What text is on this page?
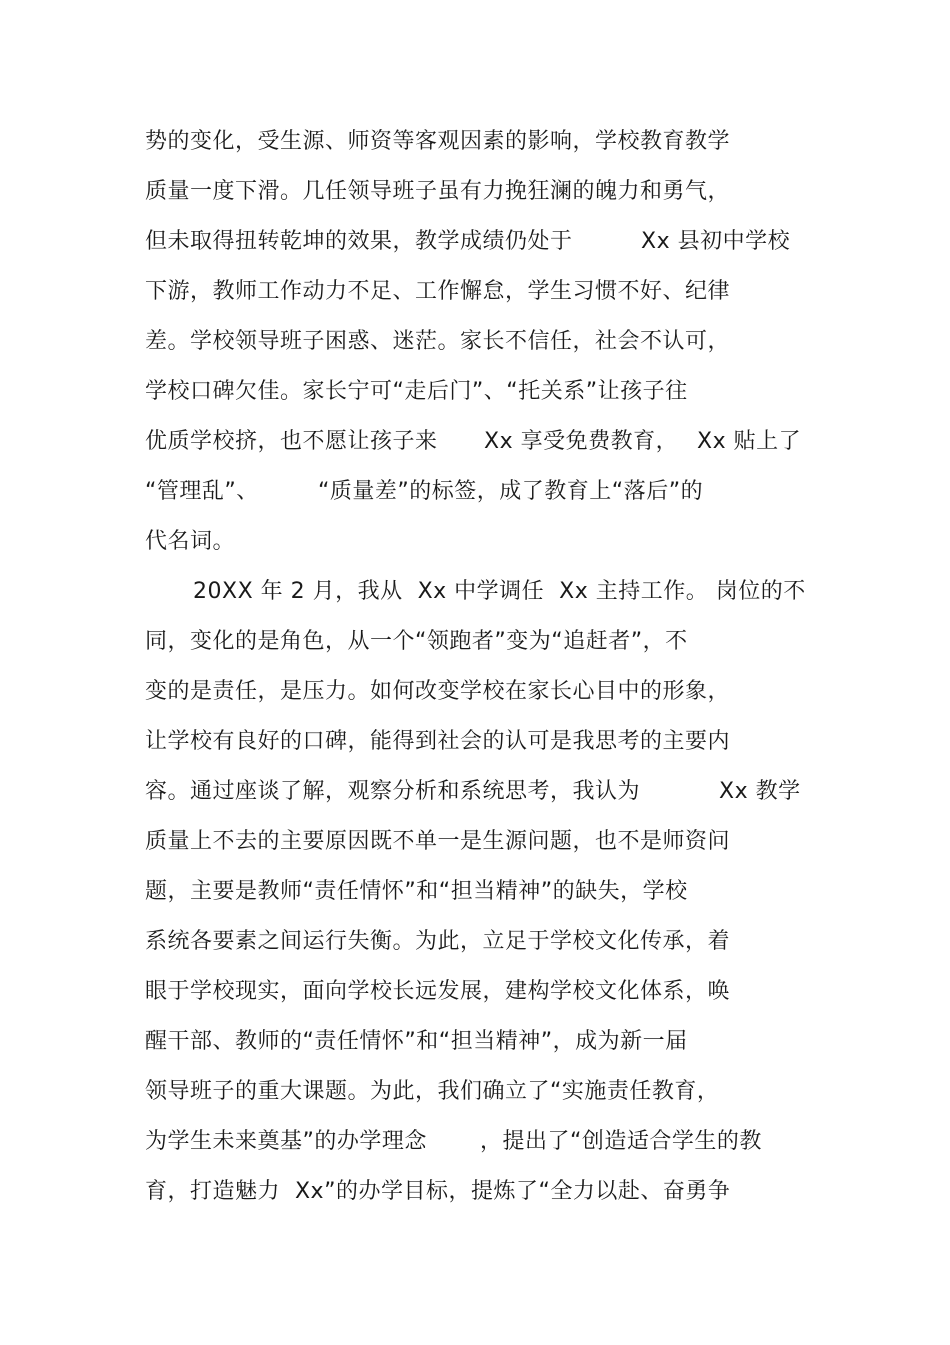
势的变化，受生源、师资等客观因素的影响，学校教育教学

质量一度下滑。几任领导班子虽有力挽狂澜的魄力和勇气，

但未取得扭转乾坤的效果，教学成绩仍处于

	Xx 县初中学校

下游，教师工作动力不足、工作懈怠，学生习惯不好、纪律

差。学校领导班子困惑、迷茫。家长不信任，社会不认可，

学校口碑欠佳。家长宁可“走后门”、“托关系”让孩子往

优质学校挤，也不愿让孩子来

Xx 享受免费教育，

Xx 贴上了

“管理乱”、

	“质量差”的标签，成了教育上“落后”的

代名词。

20XX 年 2 月，我从  Xx 中学调任  Xx 主持工作。 岗位的不

同，变化的是角色，从一个“领跑者”变为“追赶者”，不

变的是责任，是压力。如何改变学校在家长心目中的形象，

让学校有良好的口碑，能得到社会的认可是我思考的主要内

容。通过座谈了解，观察分析和系统思考，我认为

	Xx 教学

质量上不去的主要原因既不单一是生源问题，也不是师资问

题，主要是教师“责任情怀”和“担当精神”的缺失，学校

系统各要素之间运行失衡。为此，立足于学校文化传承，着

眼于学校现实，面向学校长远发展，建构学校文化体系，唤

醒干部、教师的“责任情怀”和“担当精神”，成为新一届

领导班子的重大课题。为此，我们确立了“实施责任教育，

为学生未来奠基”的办学理念

，提出了“创造适合学生的教

育，打造魅力  Xx”的办学目标，提炼了“全力以赴、奋勇争
